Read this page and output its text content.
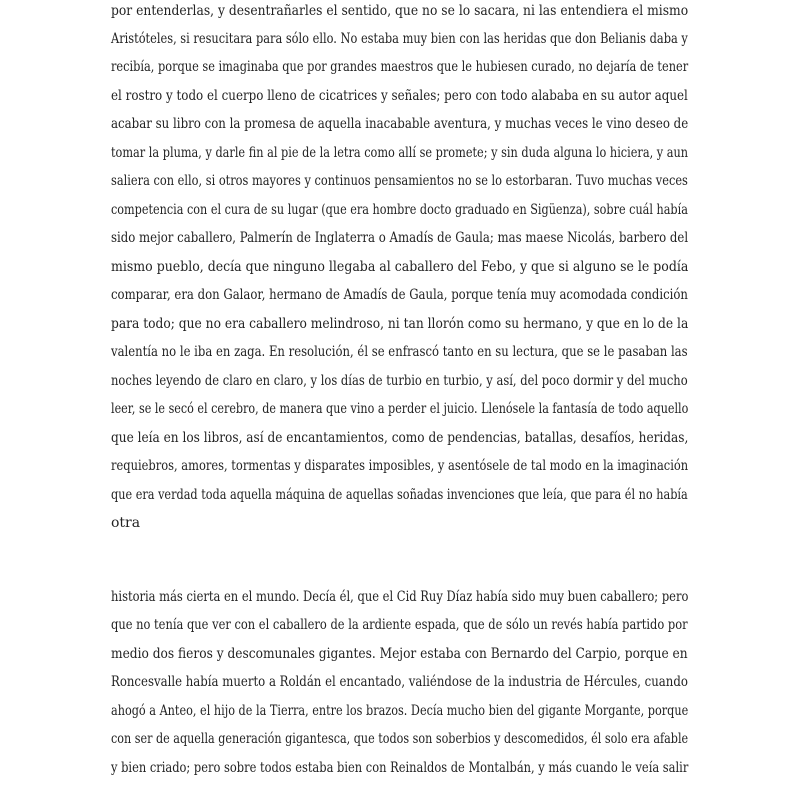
por entenderlas, y desentrañarles el sentido, que no se lo sacara, ni las entendiera el mismo
Aristóteles, si resucitara para sólo ello. No estaba muy bien con las heridas que don Belianis daba y
recibía, porque se imaginaba que por grandes maestros que le hubiesen curado, no dejaría de tener
el rostro y todo el cuerpo lleno de cicatrices y señales; pero con todo alababa en su autor aquel
acabar su libro con la promesa de aquella inacabable aventura, y muchas veces le vino deseo de
tomar la pluma, y darle fin al pie de la letra como allí se promete; y sin duda alguna lo hiciera, y aun
saliera con ello, si otros mayores y continuos pensamientos no se lo estorbaran. Tuvo muchas veces
competencia con el cura de su lugar (que era hombre docto graduado en Sigüenza), sobre cuál había
sido mejor caballero, Palmerín de Inglaterra o Amadís de Gaula; mas maese Nicolás, barbero del
mismo pueblo, decía que ninguno llegaba al caballero del Febo, y que si alguno se le podía
comparar, era don Galaor, hermano de Amadís de Gaula, porque tenía muy acomodada condición
para todo; que no era caballero melindroso, ni tan llorón como su hermano, y que en lo de la
valentía no le iba en zaga. En resolución, él se enfrascó tanto en su lectura, que se le pasaban las
noches leyendo de claro en claro, y los días de turbio en turbio, y así, del poco dormir y del mucho
leer, se le secó el cerebro, de manera que vino a perder el juicio. Llenósele la fantasía de todo aquello
que leía en los libros, así de encantamientos, como de pendencias, batallas, desafíos, heridas,
requiebros, amores, tormentas y disparates imposibles, y asentósele de tal modo en la imaginación
que era verdad toda aquella máquina de aquellas soñadas invenciones que leía, que para él no había
otra
historia más cierta en el mundo. Decía él, que el Cid Ruy Díaz había sido muy buen caballero; pero
que no tenía que ver con el caballero de la ardiente espada, que de sólo un revés había partido por
medio dos fieros y descomunales gigantes. Mejor estaba con Bernardo del Carpio, porque en
Roncesvalle había muerto a Roldán el encantado, valiéndose de la industria de Hércules, cuando
ahogó a Anteo, el hijo de la Tierra, entre los brazos. Decía mucho bien del gigante Morgante, porque
con ser de aquella generación gigantesca, que todos son soberbios y descomedidos, él solo era afable
y bien criado; pero sobre todos estaba bien con Reinaldos de Montalbán, y más cuando le veía salir
